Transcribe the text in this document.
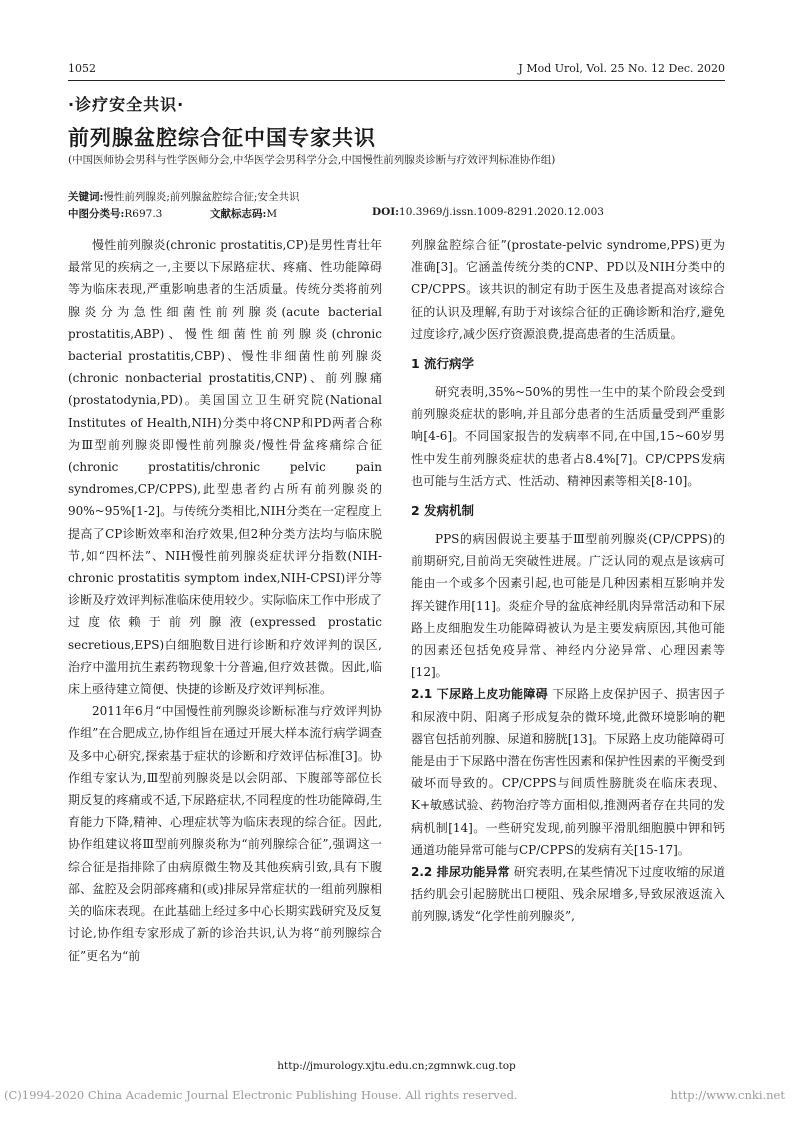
1052	J Mod Urol, Vol. 25 No. 12 Dec. 2020
·诊疗安全共识·
前列腺盆腔综合征中国专家共识
(中国医师协会男科与性学医师分会,中华医学会男科学分会,中国慢性前列腺炎诊断与疗效评判标准协作组)
关键词:慢性前列腺炎;前列腺盆腔综合征;安全共识
中图分类号:R697.3	文献标志码:M	DOI:10.3969/j.issn.1009-8291.2020.12.003

慢性前列腺炎(chronic prostatitis,CP)是男性青壮年最常见的疾病之一,主要以下尿路症状、疼痛、性功能障碍等为临床表现,严重影响患者的生活质量。传统分类将前列腺炎分为急性细菌性前列腺炎(acute bacterial prostatitis,ABP)、慢性细菌性前列腺炎(chronic bacterial prostatitis,CBP)、慢性非细菌性前列腺炎(chronic nonbacterial prostatitis,CNP)、前列腺痛(prostatodynia,PD)。美国国立卫生研究院(National Institutes of Health,NIH)分类中将CNP和PD两者合称为Ⅲ型前列腺炎即慢性前列腺炎/慢性骨盆疼痛综合征(chronic prostatitis/chronic pelvic pain syndromes,CP/CPPS),此型患者约占所有前列腺炎的90%~95%[1-2]。与传统分类相比,NIH分类在一定程度上提高了CP诊断效率和治疗效果,但2种分类方法均与临床脱节,如“四杯法”、NIH慢性前列腺炎症状评分指数(NIH-chronic prostatitis symptom index,NIH-CPSI)评分等诊断及疗效评判标准临床使用较少。实际临床工作中形成了过度依赖于前列腺液(expressed prostatic secretious,EPS)白细胞数目进行诊断和疗效评判的误区,治疗中滥用抗生素药物现象十分普遍,但疗效甚微。因此,临床上亟待建立简便、快捷的诊断及疗效评判标准。

2011年6月“中国慢性前列腺炎诊断标准与疗效评判协作组”在合肥成立,协作组旨在通过开展大样本流行病学调查及多中心研究,探索基于症状的诊断和疗效评估标准[3]。协作组专家认为,Ⅲ型前列腺炎是以会阴部、下腹部等部位长期反复的疼痛或不适,下尿路症状,不同程度的性功能障碍,生育能力下降,精神、心理症状等为临床表现的综合征。因此,协作组建议将Ⅲ型前列腺炎称为“前列腺综合征”,强调这一综合征是指排除了由病原微生物及其他疾病引致,具有下腹部、盆腔及会阴部疼痛和(或)排尿异常症状的一组前列腺相关的临床表现。在此基础上经过多中心长期实践研究及反复讨论,协作组专家形成了新的诊治共识,认为将“前列腺综合征”更名为“前

列腺盆腔综合征”(prostate-pelvic syndrome,PPS)更为准确[3]。它涵盖传统分类的CNP、PD以及NIH分类中的CP/CPPS。该共识的制定有助于医生及患者提高对该综合征的认识及理解,有助于对该综合征的正确诊断和治疗,避免过度诊疗,减少医疗资源浪费,提高患者的生活质量。

1 流行病学

研究表明,35%~50%的男性一生中的某个阶段会受到前列腺炎症状的影响,并且部分患者的生活质量受到严重影响[4-6]。不同国家报告的发病率不同,在中国,15~60岁男性中发生前列腺炎症状的患者占8.4%[7]。CP/CPPS发病也可能与生活方式、性活动、精神因素等相关[8-10]。

2 发病机制

PPS的病因假说主要基于Ⅲ型前列腺炎(CP/CPPS)的前期研究,目前尚无突破性进展。广泛认同的观点是该病可能由一个或多个因素引起,也可能是几种因素相互影响并发挥关键作用[11]。炎症介导的盆底神经肌肉异常活动和下尿路上皮细胞发生功能障碍被认为是主要发病原因,其他可能的因素还包括免疫异常、神经内分泌异常、心理因素等[12]。

2.1 下尿路上皮功能障碍 下尿路上皮保护因子、损害因子和尿液中阴、阳离子形成复杂的微环境,此微环境影响的靶器官包括前列腺、尿道和膀胱[13]。下尿路上皮功能障碍可能是由于下尿路中潜在伤害性因素和保护性因素的平衡受到破坏而导致的。CP/CPPS与间质性膀胱炎在临床表现、K+敏感试验、药物治疗等方面相似,推测两者存在共同的发病机制[14]。一些研究发现,前列腺平滑肌细胞膜中钾和钙通道功能异常可能与CP/CPPS的发病有关[15-17]。

2.2 排尿功能异常 研究表明,在某些情况下过度收缩的尿道括约肌会引起膀胱出口梗阻、残余尿增多,导致尿液返流入前列腺,诱发“化学性前列腺炎”,

http://jmurology.xjtu.edu.cn;zgmnwk.cug.top
(C)1994-2020 China Academic Journal Electronic Publishing House. All rights reserved.	http://www.cnki.net
